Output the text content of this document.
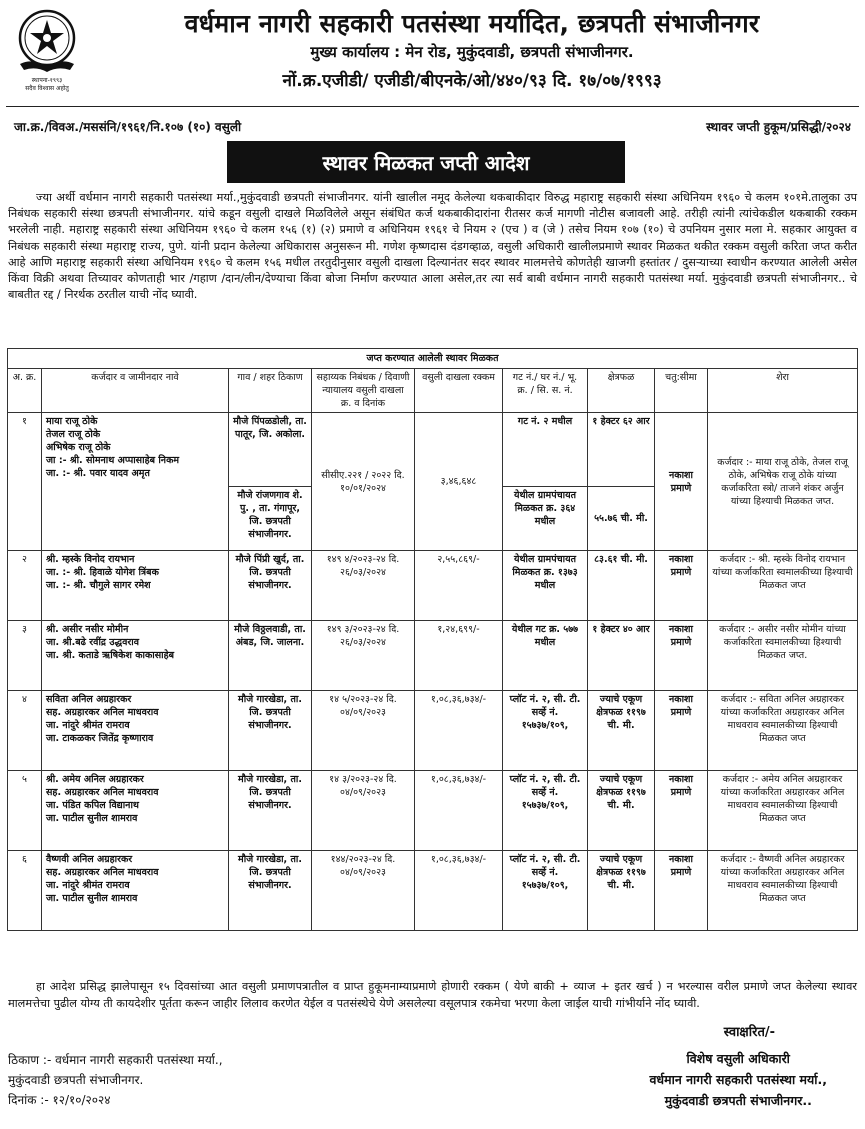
स्थापना-१९९३
सदैव विश्वास अहोतु
वर्धमान नागरी सहकारी पतसंस्था मर्यादित, छत्रपती संभाजीनगर
मुख्य कार्यालय : मेन रोड, मुकुंदवाडी, छत्रपती संभाजीनगर.
नों.क्र.एजीडी/ एजीडी/बीएनके/ओ/४४०/९३ दि. १७/०७/१९९३
जा.क्र./विवअ./मससंनि/१९६१/नि.१०७ (१०) वसुली	स्थावर जप्ती हुकूम/प्रसिद्धी/२०२४
स्थावर मिळकत जप्ती आदेश
ज्या अर्थी वर्धमान नागरी सहकारी पतसंस्था मर्या.,मुकुंदवाडी छत्रपती संभाजीनगर. यांनी खालील नमूद केलेल्या थकबाकीदार विरुद्ध महाराष्ट्र सहकारी संस्था अधिनियम १९६० चे कलम १०१मे.तालुका उप निबंधक सहकारी संस्था छत्रपती संभाजीनगर. यांचे कडून वसुली दाखले मिळविलेले असून संबंधित कर्ज थकबाकीदारांना रीतसर कर्ज मागणी नोटीस बजावली आहे. तरीही त्यांनी त्यांचेकडील थकबाकी रक्कम भरलेली नाही. महाराष्ट्र सहकारी संस्था अधिनियम १९६० चे कलम १५६ (१) (२) प्रमाणे व अधिनियम १९६१ चे नियम २ (एच ) व (जे ) तसेच नियम १०७ (१०) चे उपनियम नुसार मला मे. सहकार आयुक्त व निबंधक सहकारी संस्था महाराष्ट्र राज्य, पुणे. यांनी प्रदान केलेल्या अधिकारास अनुसरून मी. गणेश कृष्णदास दंडगव्हाळ, वसुली अधिकारी खालीलप्रमाणे स्थावर मिळकत थकीत रक्कम वसुली करिता जप्त करीत आहे आणि महाराष्ट्र सहकारी संस्था अधिनियम १९६० चे कलम १५६ मधील तरतुदीनुसार वसुली दाखला दिल्यानंतर सदर स्थावर मालमत्तेचे कोणतेही खाजगी हस्तांतर / दुसऱ्याच्या स्वाधीन करण्यात आलेली असेल किंवा विक्री अथवा तिच्यावर कोणताही भार /गहाण /दान/लीन/देण्याचा किंवा बोजा निर्माण करण्यात आला असेल,तर त्या सर्व बाबी वर्धमान नागरी सहकारी पतसंस्था मर्या. मुकुंदवाडी छत्रपती संभाजीनगर.. चे बाबतीत रद्द / निरर्थक ठरतील याची नोंद घ्यावी.
जप्त करण्यात आलेली स्थावर मिळकत								
अ. क्र.	कर्जदार व जामीनदार नावे	गाव / शहर ठिकाण	सहाय्यक निबंधक / दिवाणी न्यायालय वसुली दाखला क्र. व दिनांक	वसुली दाखला रक्कम	गट नं./ घर नं./ भू. क्र. / सि. स. नं.	क्षेत्रफळ	चतु:सीमा	शेरा
१	माया राजू ठोके
तेजल राजू ठोके
अभिषेक राजू ठोके
जा :- श्री. सोमनाथ अप्पासाहेब निकम
जा. :- श्री. पवार यादव अमृत	मौजे पिंपळडोली, ता. पातूर, जि. अकोला.	सीसीए.२२१ / २०२२ दि. १०/०१/२०२४	३,४६,६४८	गट नं. २ मधील	१ हेक्टर ६२ आर	नकाशा प्रमाणे	कर्जदार :- माया राजू ठोके, तेजल राजू ठोके, अभिषेक राजू ठोके यांच्या कर्जाकरिता स्त्रो/ ताजने शंकर अर्जुन यांच्या हिश्याची मिळकत जप्त.
		मौजे रांजणगाव शे. पु. , ता. गंगापूर, जि. छत्रपती संभाजीनगर.			येथील ग्रामपंचायत मिळकत क्र. ३६४ मधील	५५.७६ ची. मी.		
२	श्री. म्हस्के विनोद रायभान
जा. :- श्री. हिवाळे योगेश त्रिंबक
जा. :- श्री. चौगुले सागर रमेश	मौजे पिंप्री खुर्द, ता. जि. छत्रपती संभाजीनगर.	१४९ ४/२०२३-२४ दि. २६/०३/२०२४	२,५५,८६९/-	येथील ग्रामपंचायत मिळकत क्र. १३७३ मधील	८३.६१ ची. मी.	नकाशा प्रमाणे	कर्जदार :- श्री. म्हस्के विनोद रायभान यांच्या कर्जाकरिता स्वमालकीच्या हिश्याची मिळकत जप्त
३	श्री. असीर नसीर मोमीन
जा. श्री.बढे रवींद्र उद्धवराव
जा. श्री. कताडे ऋषिकेश काकासाहेब	मौजे विठ्ठलवाडी, ता. अंबड, जि. जालना.	१४९ ३/२०२३-२४ दि. २६/०३/२०२४	१,२४,६९९/-	येथील गट क्र. ५७७ मधील	१ हेक्टर ४० आर	नकाशा प्रमाणे	कर्जदार :- असीर नसीर मोमीन यांच्या कर्जाकरिता स्वमालकीच्या हिश्याची मिळकत जप्त.
४	सविता अनिल अग्रहारकर
सह. अग्रहारकर अनिल माधवराव
जा. नांदुरे श्रीमंत रामराव
जा. टाकळकर जितेंद्र कृष्णाराव	मौजे गारखेडा, ता. जि. छत्रपती संभाजीनगर.	१४ ५/२०२३-२४ दि. ०४/०९/२०२३	१,०८,३६,७३४/-	प्लॉट नं. २, सी. टी. सर्व्हे नं. १५७३७/१०९,	ज्याचे एकूण क्षेत्रफळ ११९७ ची. मी.	नकाशा प्रमाणे	कर्जदार :- सविता अनिल अग्रहारकर यांच्या कर्जाकरिता अग्रहारकर अनिल माधवराव स्वमालकीच्या हिश्याची मिळकत जप्त
५	श्री. अमेय अनिल अग्रहारकर
सह. अग्रहारकर अनिल माधवराव
जा. पंडित कपिल विद्यानाथ
जा. पाटील सुनील शामराव	मौजे गारखेडा, ता. जि. छत्रपती संभाजीनगर.	१४ ३/२०२३-२४ दि. ०४/०९/२०२३	१,०८,३६,७३४/-	प्लॉट नं. २, सी. टी. सर्व्हे नं. १५७३७/१०९,	ज्याचे एकूण क्षेत्रफळ ११९७ ची. मी.	नकाशा प्रमाणे	कर्जदार :- अमेय अनिल अग्रहारकर यांच्या कर्जाकरिता अग्रहारकर अनिल माधवराव स्वमालकीच्या हिश्याची मिळकत जप्त
६	वैष्णवी अनिल अग्रहारकर
सह. अग्रहारकर अनिल माधवराव
जा. नांदुरे श्रीमंत रामराव
जा. पाटील सुनील शामराव	मौजे गारखेडा, ता. जि. छत्रपती संभाजीनगर.	१४४/२०२३-२४ दि. ०४/०९/२०२३	१,०८,३६,७३४/-	प्लॉट नं. २, सी. टी. सर्व्हे नं. १५७३७/१०९,	ज्याचे एकूण क्षेत्रफळ ११९७ ची. मी.	नकाशा प्रमाणे	कर्जदार :- वैष्णवी अनिल अग्रहारकर यांच्या कर्जाकरिता अग्रहारकर अनिल माधवराव स्वमालकीच्या हिश्याची मिळकत जप्त
हा आदेश प्रसिद्ध झालेपासून १५ दिवसांच्या आत वसुली प्रमाणपत्रातील व प्राप्त हुकूमनाम्याप्रमाणे होणारी रक्कम ( येणे बाकी + व्याज + इतर खर्च ) न भरल्यास वरील प्रमाणे जप्त केलेल्या स्थावर मालमत्तेचा पुढील योग्य ती कायदेशीर पूर्तता करून जाहीर लिलाव करणेत येईल व पतसंस्थेचे येणे असलेल्या वसूलपात्र रकमेचा भरणा केला जाईल याची गांभीर्याने नोंद घ्यावी.
स्वाक्षरित/-
ठिकाण :- वर्धमान नागरी सहकारी पतसंस्था मर्या.,
मुकुंदवाडी छत्रपती संभाजीनगर.
दिनांक :- १२/१०/२०२४
विशेष वसुली अधिकारी
वर्धमान नागरी सहकारी पतसंस्था मर्या.,
मुकुंदवाडी छत्रपती संभाजीनगर..
